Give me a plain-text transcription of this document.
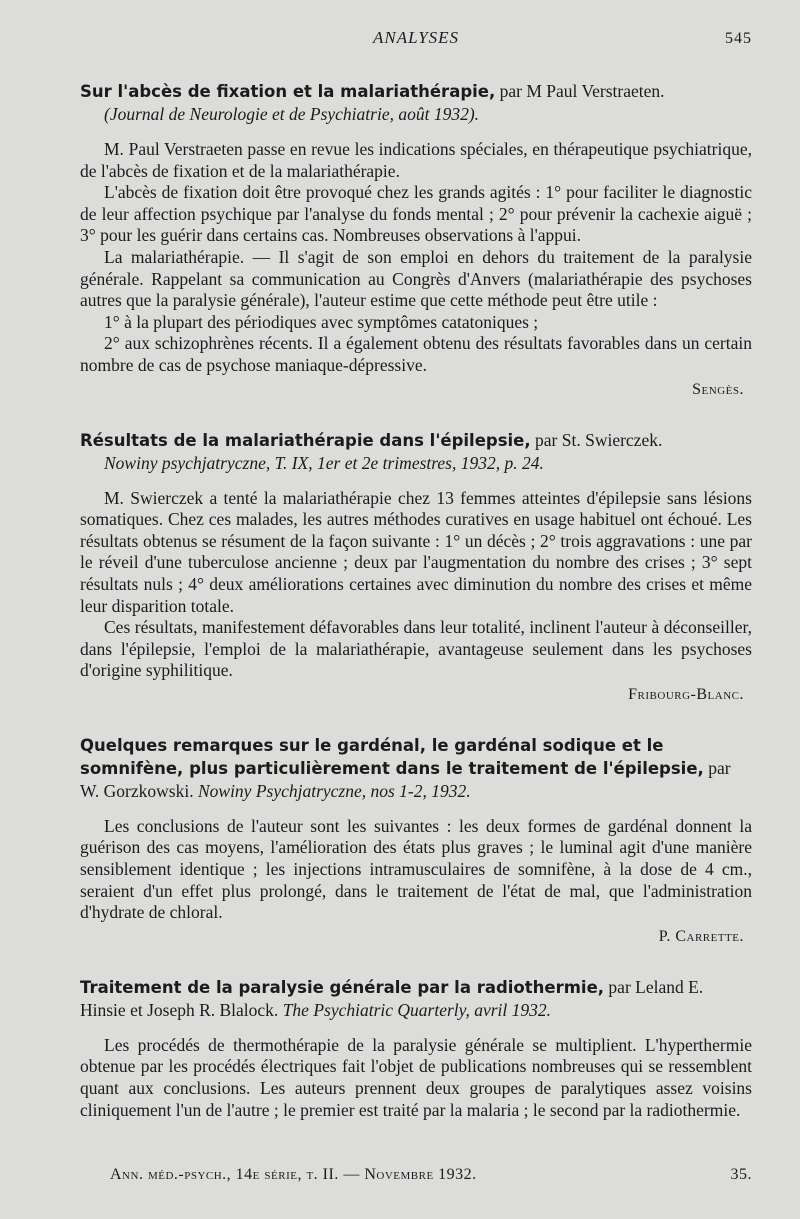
ANALYSES	545
Sur l'abcès de fixation et la malariathérapie, par M Paul Verstraeten.
(Journal de Neurologie et de Psychiatrie, août 1932).

M. Paul Verstraeten passe en revue les indications spéciales, en thérapeutique psychiatrique, de l'abcès de fixation et de la malariathérapie.

L'abcès de fixation doit être provoqué chez les grands agités : 1° pour faciliter le diagnostic de leur affection psychique par l'analyse du fonds mental ; 2° pour prévenir la cachexie aiguë ; 3° pour les guérir dans certains cas. Nombreuses observations à l'appui.

La malariathérapie. — Il s'agit de son emploi en dehors du traitement de la paralysie générale. Rappelant sa communication au Congrès d'Anvers (malariathérapie des psychoses autres que la paralysie générale), l'auteur estime que cette méthode peut être utile :

1° à la plupart des périodiques avec symptômes catatoniques ;

2° aux schizophrènes récents. Il a également obtenu des résultats favorables dans un certain nombre de cas de psychose maniaque-dépressive.

Sengès.
Résultats de la malariathérapie dans l'épilepsie, par St. Swierczek.
Nowiny psychjatryczne, T. IX, 1er et 2e trimestres, 1932, p. 24.

M. Swierczek a tenté la malariathérapie chez 13 femmes atteintes d'épilepsie sans lésions somatiques. Chez ces malades, les autres méthodes curatives en usage habituel ont échoué. Les résultats obtenus se résument de la façon suivante : 1° un décès ; 2° trois aggravations : une par le réveil d'une tuberculose ancienne ; deux par l'augmentation du nombre des crises ; 3° sept résultats nuls ; 4° deux améliorations certaines avec diminution du nombre des crises et même leur disparition totale.

Ces résultats, manifestement défavorables dans leur totalité, inclinent l'auteur à déconseiller, dans l'épilepsie, l'emploi de la malariathérapie, avantageuse seulement dans les psychoses d'origine syphilitique.

Fribourg-Blanc.
Quelques remarques sur le gardénal, le gardénal sodique et le somnifène, plus particulièrement dans le traitement de l'épilepsie, par W. Gorzkowski. Nowiny Psychjatryczne, nos 1-2, 1932.

Les conclusions de l'auteur sont les suivantes : les deux formes de gardénal donnent la guérison des cas moyens, l'amélioration des états plus graves ; le luminal agit d'une manière sensiblement identique ; les injections intramusculaires de somnifène, à la dose de 4 cm., seraient d'un effet plus prolongé, dans le traitement de l'état de mal, que l'administration d'hydrate de chloral.

P. Carrette.
Traitement de la paralysie générale par la radiothermie, par Leland E. Hinsie et Joseph R. Blalock. The Psychiatric Quarterly, avril 1932.

Les procédés de thermothérapie de la paralysie générale se multiplient. L'hyperthermie obtenue par les procédés électriques fait l'objet de publications nombreuses qui se ressemblent quant aux conclusions. Les auteurs prennent deux groupes de paralytiques assez voisins cliniquement l'un de l'autre ; le premier est traité par la malaria ; le second par la radiothermie.

Ann. méd.-psych., 14e série, t. II. — Novembre 1932.	35.
